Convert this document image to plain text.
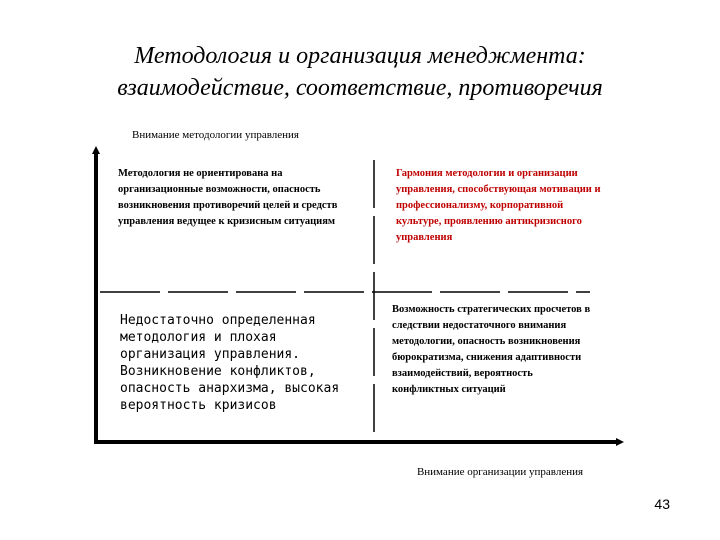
Методология и организация менеджмента:
взаимодействие, соответствие, противоречия
Внимание методологии управления
Методология не ориентирована на организационные возможности, опасность возникновения противоречий целей и средств управления ведущее к кризисным ситуациям
Гармония методологии и организации управления, способствующая мотивации и профессионализму, корпоративной культуре, проявлению антикризисного управления
Недостаточно определенная методология и плохая организация управления. Возникновение конфликтов, опасность анархизма, высокая вероятность кризисов
Возможность стратегических просчетов в следствии недостаточного внимания методологии, опасность возникновения бюрократизма, снижения адаптивности взаимодействий, вероятность конфликтных ситуаций
Внимание организации управления
43
